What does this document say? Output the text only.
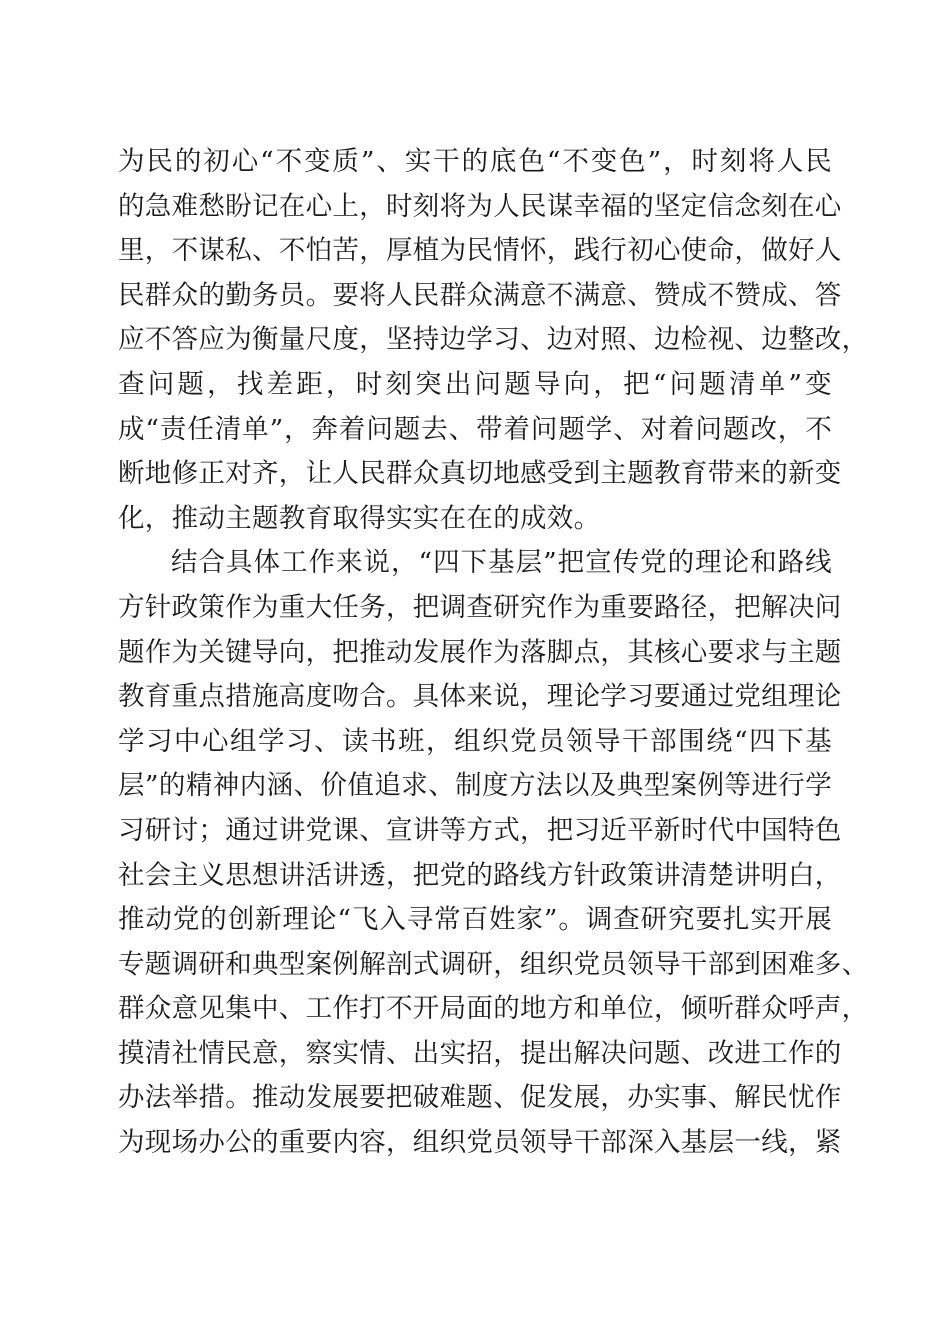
为民的初心“不变质”、实干的底色“不变色”，时刻将人民
的急难愁盼记在心上，时刻将为人民谋幸福的坚定信念刻在心
里，不谋私、不怕苦，厚植为民情怀，践行初心使命，做好人
民群众的勤务员。要将人民群众满意不满意、赞成不赞成、答
应不答应为衡量尺度，坚持边学习、边对照、边检视、边整改，
查问题，找差距，时刻突出问题导向，把“问题清单”变
成“责任清单”，奔着问题去、带着问题学、对着问题改，不
断地修正对齐，让人民群众真切地感受到主题教育带来的新变
化，推动主题教育取得实实在在的成效。
结合具体工作来说，“四下基层”把宣传党的理论和路线
方针政策作为重大任务，把调查研究作为重要路径，把解决问
题作为关键导向，把推动发展作为落脚点，其核心要求与主题
教育重点措施高度吻合。具体来说，理论学习要通过党组理论
学习中心组学习、读书班，组织党员领导干部围绕“四下基
层”的精神内涵、价值追求、制度方法以及典型案例等进行学
习研讨；通过讲党课、宣讲等方式，把习近平新时代中国特色
社会主义思想讲活讲透，把党的路线方针政策讲清楚讲明白，
推动党的创新理论“飞入寻常百姓家”。调查研究要扎实开展
专题调研和典型案例解剖式调研，组织党员领导干部到困难多、
群众意见集中、工作打不开局面的地方和单位，倾听群众呼声，
摸清社情民意，察实情、出实招，提出解决问题、改进工作的
办法举措。推动发展要把破难题、促发展，办实事、解民忧作
为现场办公的重要内容，组织党员领导干部深入基层一线，紧
